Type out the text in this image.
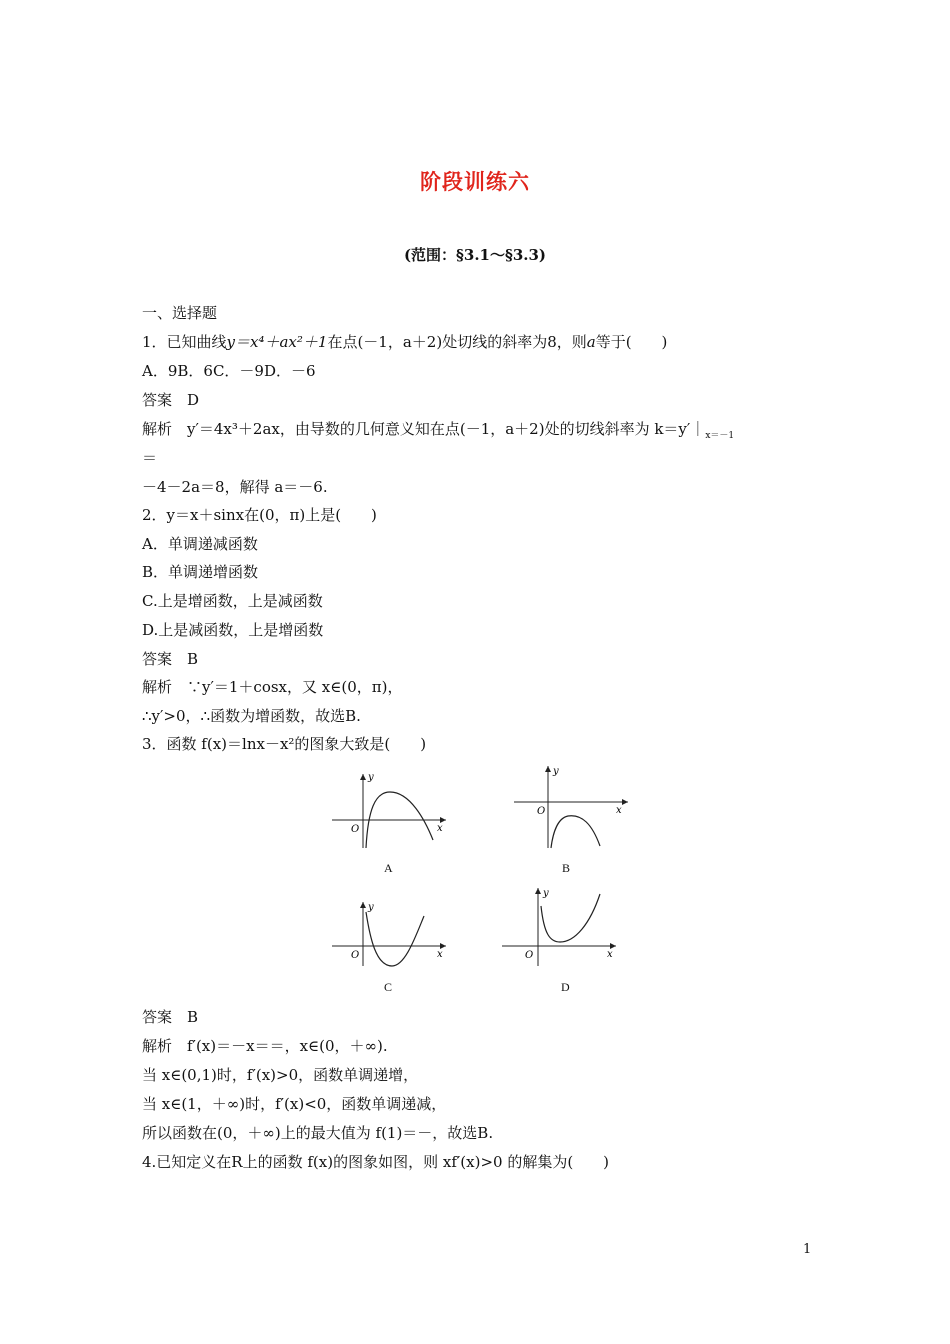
阶段训练六
(范围：§3.1～§3.3)
一、选择题
1．已知曲线y＝x⁴＋ax²＋1在点(－1，a＋2)处切线的斜率为8，则a等于(　　)
A．9B．6C．－9D．－6
答案　D
解析　y′＝4x³＋2ax，由导数的几何意义知在点(－1，a＋2)处的切线斜率为 $k=y'|_{x=-1}$
＝
－4－2a＝8，解得 a＝－6.
2．y＝x＋sinx在(0，π)上是(　　)
A．单调递减函数
B．单调递增函数
C.上是增函数，上是减函数
D.上是减函数，上是增函数
答案　B
解析　∵y′＝1＋cosx，又 x∈(0，π)，
∴y′>0，∴函数为增函数，故选B.
3．函数 f(x)＝lnx－x²的图象大致是(　　)
y
x
O
A
y
x
O
B
y
x
O
C
y
x
O
D
答案　B
解析　f′(x)＝－x＝＝，x∈(0，＋∞).
当 x∈(0,1)时，f′(x)>0，函数单调递增，
当 x∈(1，＋∞)时，f′(x)<0，函数单调递减，
所以函数在(0，＋∞)上的最大值为 f(1)＝－，故选B.
4.已知定义在R上的函数 f(x)的图象如图，则 xf′(x)>0 的解集为(　　)
1
